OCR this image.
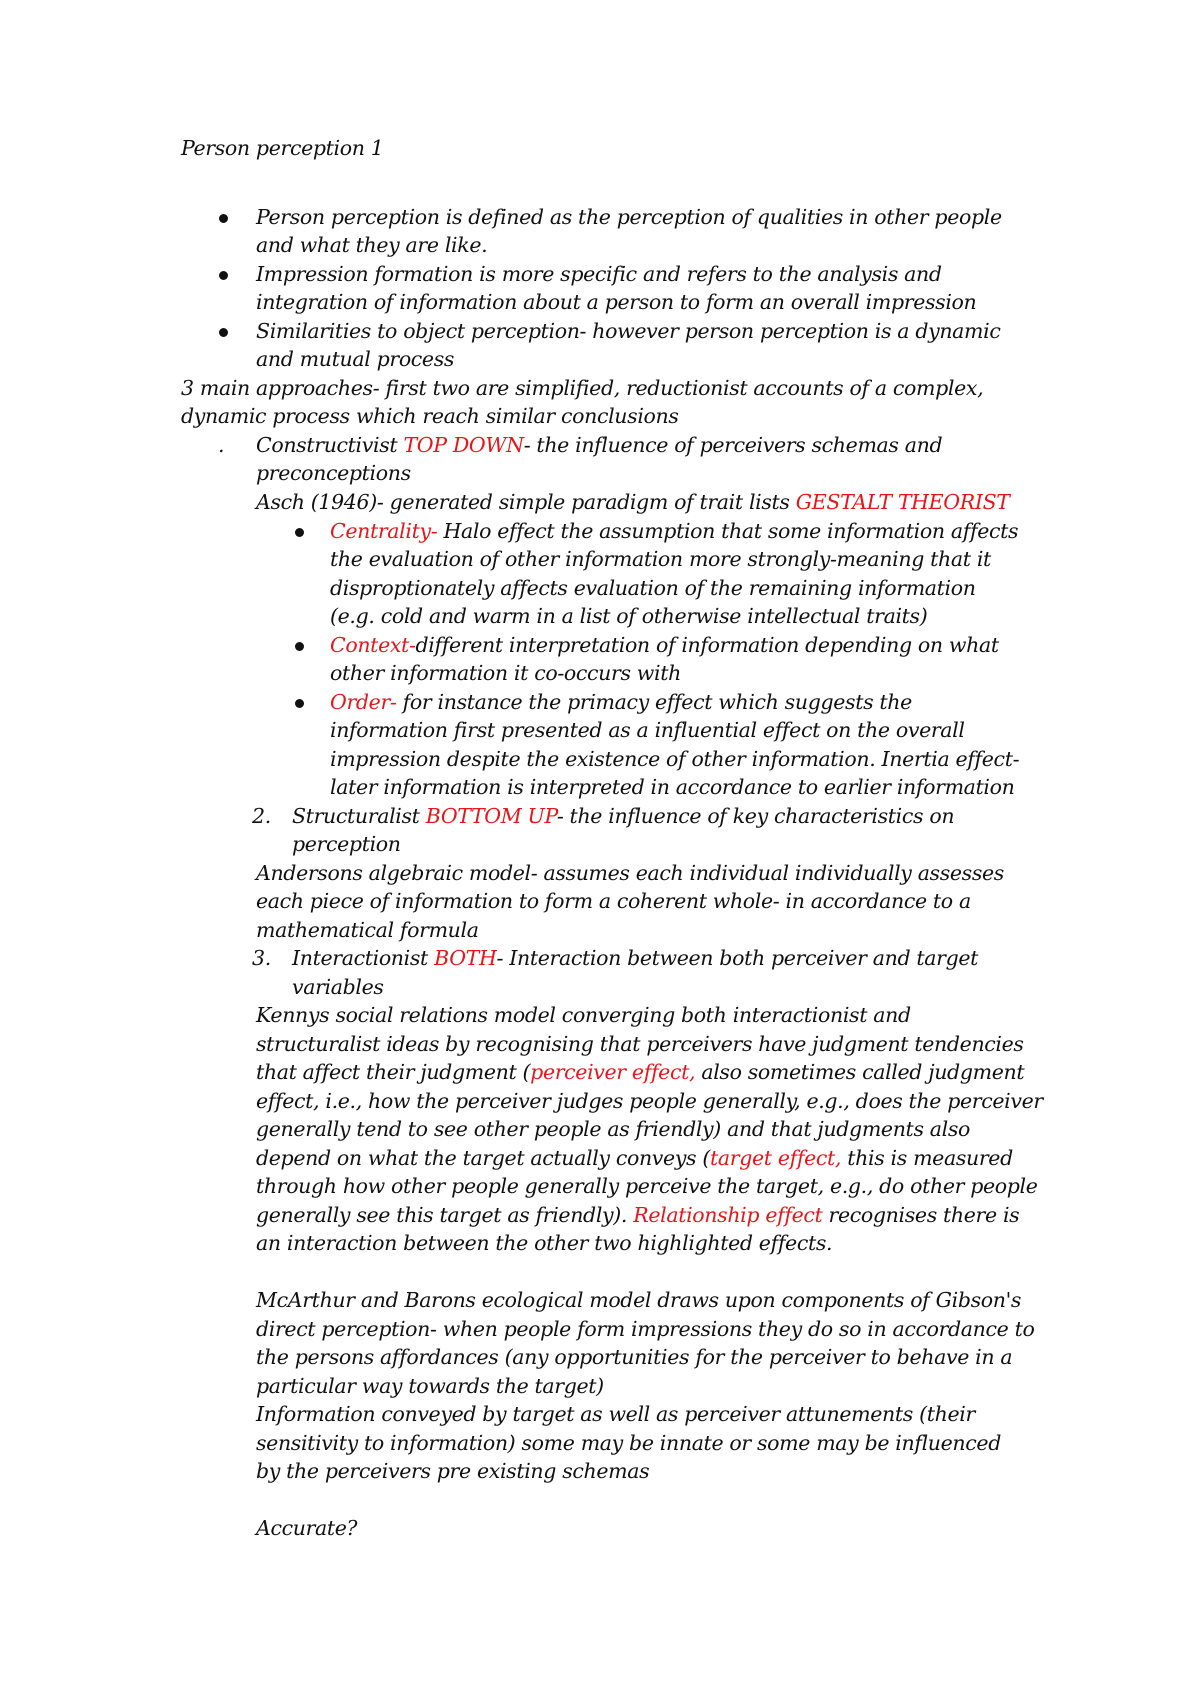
Person perception 1
Person perception is defined as the perception of qualities in other people
and what they are like.
Impression formation is more specific and refers to the analysis and
integration of information about a person to form an overall impression
Similarities to object perception- however person perception is a dynamic
and mutual process
3 main approaches- first two are simplified, reductionist accounts of a complex,
dynamic process which reach similar conclusions
. Constructivist TOP DOWN- the influence of perceivers schemas and
preconceptions
Asch (1946)- generated simple paradigm of trait lists GESTALT THEORIST
Centrality- Halo effect the assumption that some information affects
the evaluation of other information more strongly-meaning that it
disproptionately affects evaluation of the remaining information
(e.g. cold and warm in a list of otherwise intellectual traits)
Context-different interpretation of information depending on what
other information it co-occurs with
Order- for instance the primacy effect which suggests the
information first presented as a influential effect on the overall
impression despite the existence of other information. Inertia effect-
later information is interpreted in accordance to earlier information
2. Structuralist BOTTOM UP- the influence of key characteristics on
perception
Andersons algebraic model- assumes each individual individually assesses
each piece of information to form a coherent whole- in accordance to a
mathematical formula
3. Interactionist BOTH- Interaction between both perceiver and target
variables
Kennys social relations model converging both interactionist and
structuralist ideas by recognising that perceivers have judgment tendencies
that affect their judgment (perceiver effect, also sometimes called judgment
effect, i.e., how the perceiver judges people generally, e.g., does the perceiver
generally tend to see other people as friendly) and that judgments also
depend on what the target actually conveys (target effect, this is measured
through how other people generally perceive the target, e.g., do other people
generally see this target as friendly). Relationship effect recognises there is
an interaction between the other two highlighted effects.
McArthur and Barons ecological model draws upon components of Gibson's
direct perception- when people form impressions they do so in accordance to
the persons affordances (any opportunities for the perceiver to behave in a
particular way towards the target)
Information conveyed by target as well as perceiver attunements (their
sensitivity to information) some may be innate or some may be influenced
by the perceivers pre existing schemas
Accurate?
